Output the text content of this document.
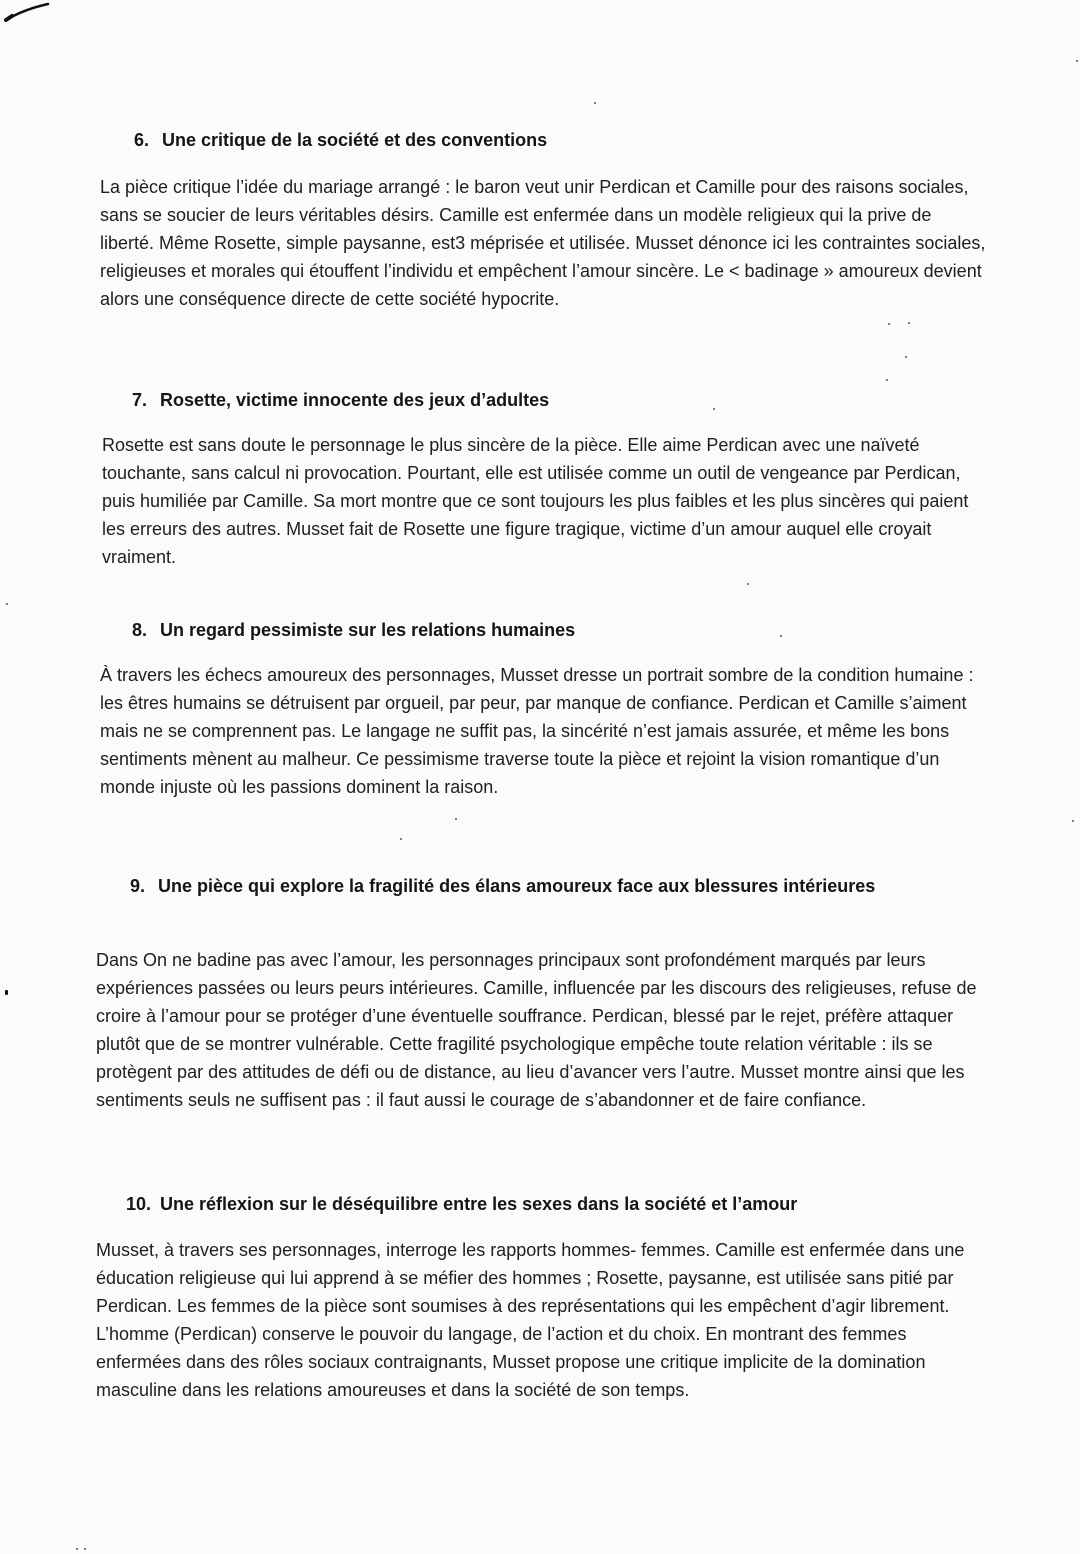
6. Une critique de la société et des conventions

La pièce critique l’idée du mariage arrangé : le baron veut unir Perdican et Camille pour des raisons sociales, sans se soucier de leurs véritables désirs. Camille est enfermée dans un modèle religieux qui la prive de liberté. Même Rosette, simple paysanne, est3 méprisée et utilisée. Musset dénonce ici les contraintes sociales, religieuses et morales qui étouffent l’individu et empêchent l’amour sincère. Le < badinage » amoureux devient alors une conséquence directe de cette société hypocrite.

7. Rosette, victime innocente des jeux d’adultes

Rosette est sans doute le personnage le plus sincère de la pièce. Elle aime Perdican avec une naïveté touchante, sans calcul ni provocation. Pourtant, elle est utilisée comme un outil de vengeance par Perdican, puis humiliée par Camille. Sa mort montre que ce sont toujours les plus faibles et les plus sincères qui paient les erreurs des autres. Musset fait de Rosette une figure tragique, victime d’un amour auquel elle croyait vraiment.

8. Un regard pessimiste sur les relations humaines

À travers les échecs amoureux des personnages, Musset dresse un portrait sombre de la condition humaine : les êtres humains se détruisent par orgueil, par peur, par manque de confiance. Perdican et Camille s’aiment mais ne se comprennent pas. Le langage ne suffit pas, la sincérité n’est jamais assurée, et même les bons sentiments mènent au malheur. Ce pessimisme traverse toute la pièce et rejoint la vision romantique d’un monde injuste où les passions dominent la raison.

9. Une pièce qui explore la fragilité des élans amoureux face aux blessures intérieures

Dans On ne badine pas avec l’amour, les personnages principaux sont profondément marqués par leurs expériences passées ou leurs peurs intérieures. Camille, influencée par les discours des religieuses, refuse de croire à l’amour pour se protéger d’une éventuelle souffrance. Perdican, blessé par le rejet, préfère attaquer plutôt que de se montrer vulnérable. Cette fragilité psychologique empêche toute relation véritable : ils se protègent par des attitudes de défi ou de distance, au lieu d’avancer vers l’autre. Musset montre ainsi que les sentiments seuls ne suffisent pas : il faut aussi le courage de s’abandonner et de faire confiance.

10. Une réflexion sur le déséquilibre entre les sexes dans la société et l’amour

Musset, à travers ses personnages, interroge les rapports hommes- femmes. Camille est enfermée dans une éducation religieuse qui lui apprend à se méfier des hommes ; Rosette, paysanne, est utilisée sans pitié par Perdican. Les femmes de la pièce sont soumises à des représentations qui les empêchent d’agir librement. L’homme (Perdican) conserve le pouvoir du langage, de l’action et du choix. En montrant des femmes enfermées dans des rôles sociaux contraignants, Musset propose une critique implicite de la domination masculine dans les relations amoureuses et dans la société de son temps.
